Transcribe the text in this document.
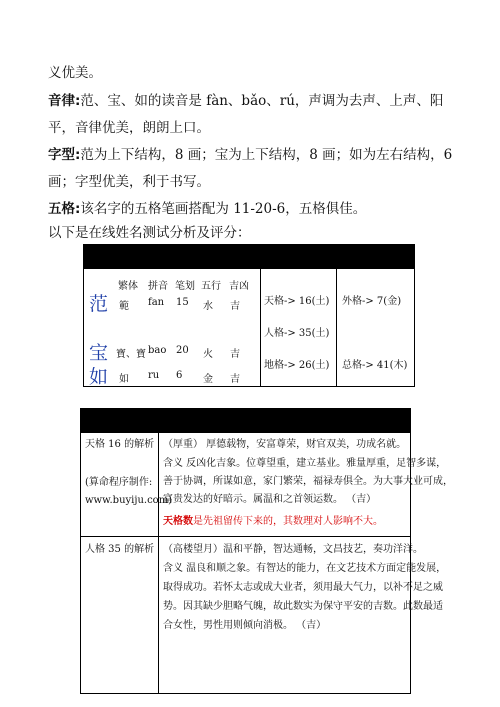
义优美。
音律:范、宝、如的读音是 fàn、bǎo、rú，声调为去声、上声、阳
平，音律优美，朗朗上口。
字型:范为上下结构，8 画；宝为上下结构，8 画；如为左右结构，6
画；字型优美，利于书写。
五格:该名字的五格笔画搭配为 11-20-6，五格俱佳。
以下是在线姓名测试分析及评分：
繁体 拼音 笔划 五行 吉凶
范 範 fan 15 水 吉
宝 寶、寶 bao 20 火 吉
如 如 ru 6 金 吉
天格-> 16(土) 外格-> 7(金)
人格-> 35(土)
地格-> 26(土) 总格-> 41(木)
天格 16 的解析
(算命程序制作:
www.buyiju.com)
（厚重） 厚德载物，安富尊荣，财官双美，功成名就。
含义 反凶化吉象。位尊望重，建立基业。雅量厚重，足智多谋，
善于协调，所谋如意，家门繁荣，福禄寿俱全。为大事大业可成，
富贵发达的好暗示。属温和之首领运数。 （吉）
天格数是先祖留传下来的，其数理对人影响不大。
人格 35 的解析 （高楼望月）温和平静，智达通畅，文昌技艺，奏功洋洋。
含义 温良和顺之象。有智达的能力，在文艺技术方面定能发展，
取得成功。若怀太志或成大业者，须用最大气力，以补不足之威
势。因其缺少胆略气魄，故此数实为保守平安的吉数。此数最适
合女性，男性用则倾向消极。 （吉）
